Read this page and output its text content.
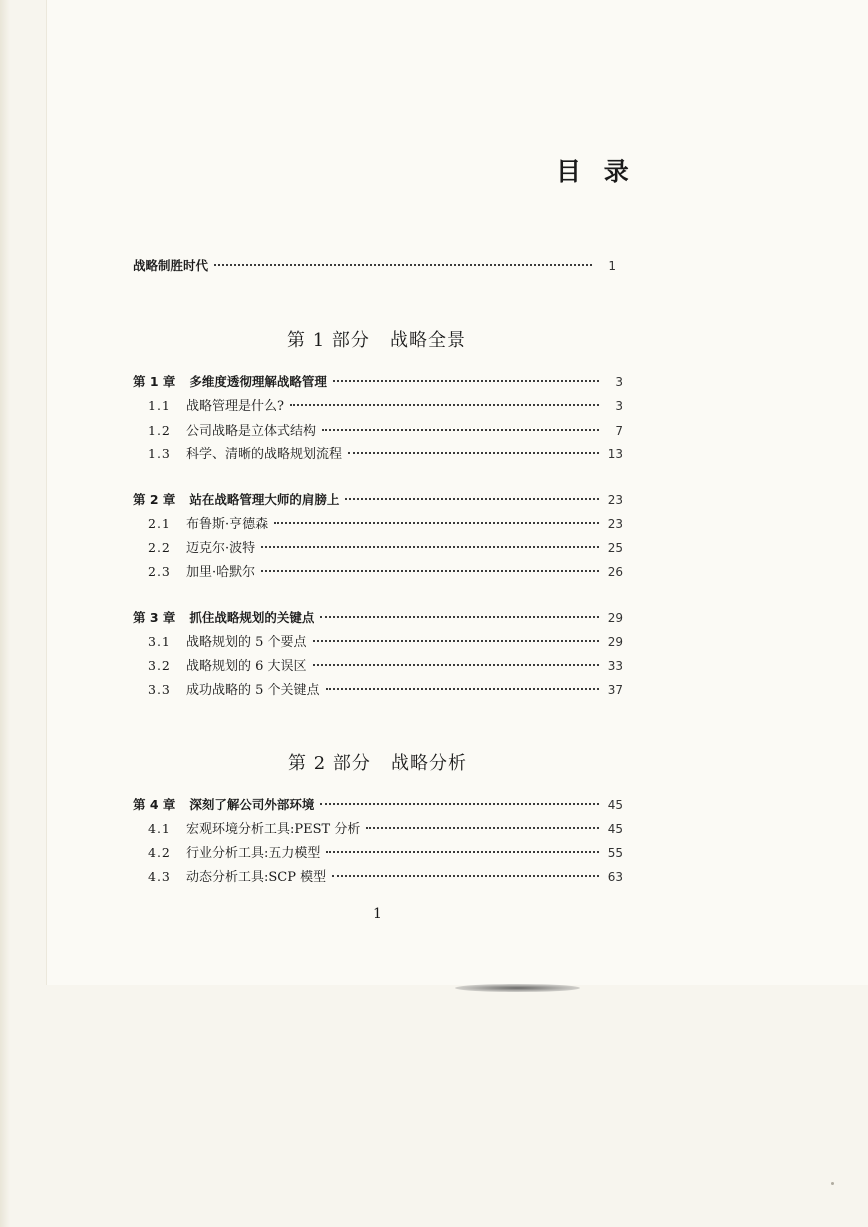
目 录
战略制胜时代	1
第 1 部分   战略全景
第 1 章 多维度透彻理解战略管理	3
1.1	战略管理是什么?	3
1.2	公司战略是立体式结构	7
1.3	科学、清晰的战略规划流程	13
第 2 章 站在战略管理大师的肩膀上	23
2.1	布鲁斯·亨德森	23
2.2	迈克尔·波特	25
2.3	加里·哈默尔	26
第 3 章 抓住战略规划的关键点	29
3.1	战略规划的 5 个要点	29
3.2	战略规划的 6 大误区	33
3.3	成功战略的 5 个关键点	37
第 2 部分   战略分析
第 4 章 深刻了解公司外部环境	45
4.1	宏观环境分析工具:PEST 分析	45
4.2	行业分析工具:五力模型	55
4.3	动态分析工具:SCP 模型	63
1
